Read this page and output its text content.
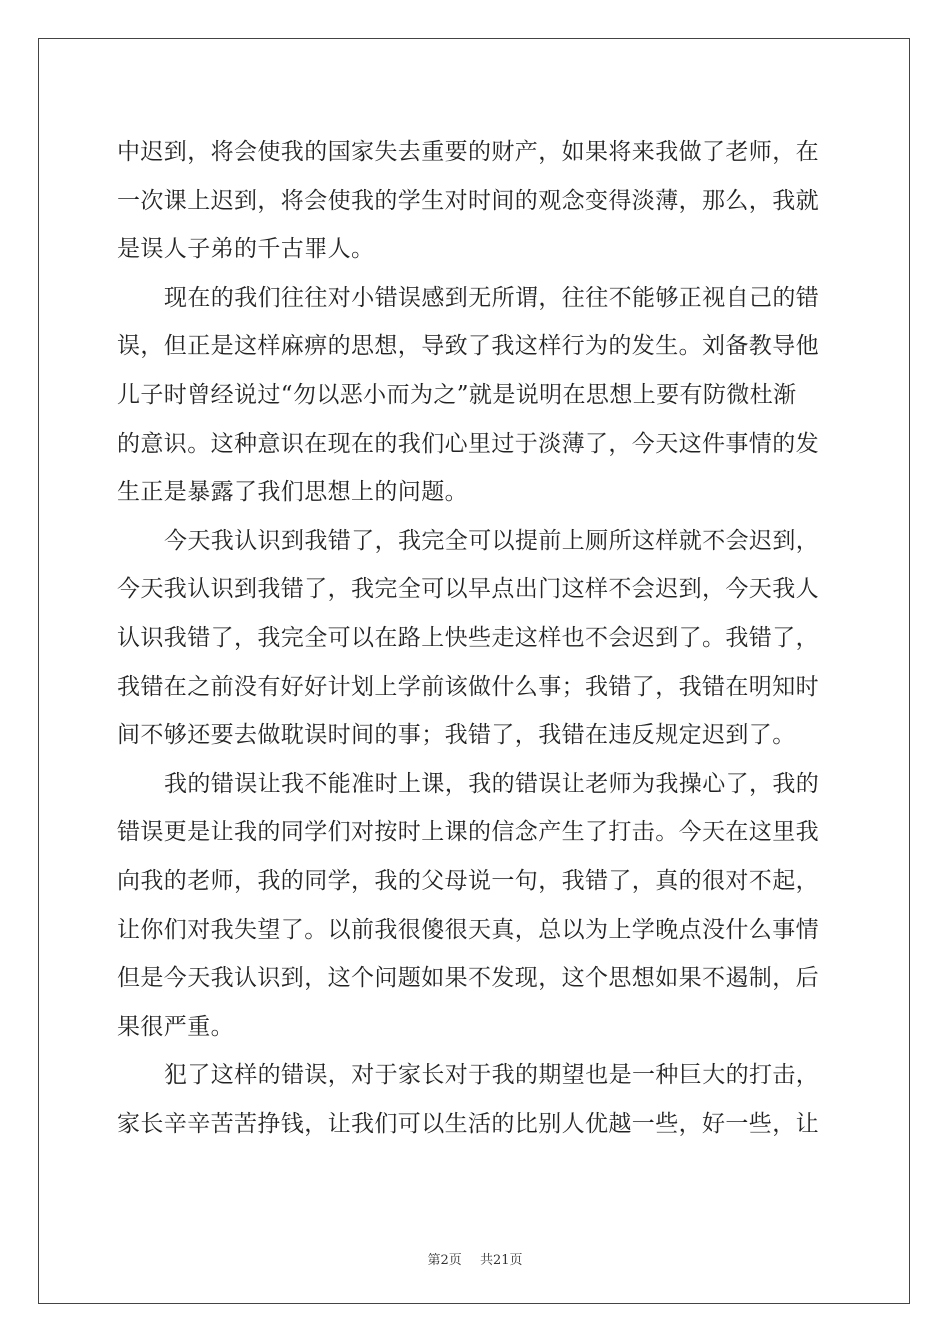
中迟到，将会使我的国家失去重要的财产，如果将来我做了老师，在
一次课上迟到，将会使我的学生对时间的观念变得淡薄，那么，我就
是误人子弟的千古罪人。
现在的我们往往对小错误感到无所谓，往往不能够正视自己的错
误，但正是这样麻痹的思想，导致了我这样行为的发生。刘备教导他
儿子时曾经说过“勿以恶小而为之”就是说明在思想上要有防微杜渐
的意识。这种意识在现在的我们心里过于淡薄了，今天这件事情的发
生正是暴露了我们思想上的问题。
今天我认识到我错了，我完全可以提前上厕所这样就不会迟到，
今天我认识到我错了，我完全可以早点出门这样不会迟到，今天我人
认识我错了，我完全可以在路上快些走这样也不会迟到了。我错了，
我错在之前没有好好计划上学前该做什么事；我错了，我错在明知时
间不够还要去做耽误时间的事；我错了，我错在违反规定迟到了。
我的错误让我不能准时上课，我的错误让老师为我操心了，我的
错误更是让我的同学们对按时上课的信念产生了打击。今天在这里我
向我的老师，我的同学，我的父母说一句，我错了，真的很对不起，
让你们对我失望了。以前我很傻很天真，总以为上学晚点没什么事情
但是今天我认识到，这个问题如果不发现，这个思想如果不遏制，后
果很严重。
犯了这样的错误，对于家长对于我的期望也是一种巨大的打击，
家长辛辛苦苦挣钱，让我们可以生活的比别人优越一些，好一些，让
第2页 共21页
